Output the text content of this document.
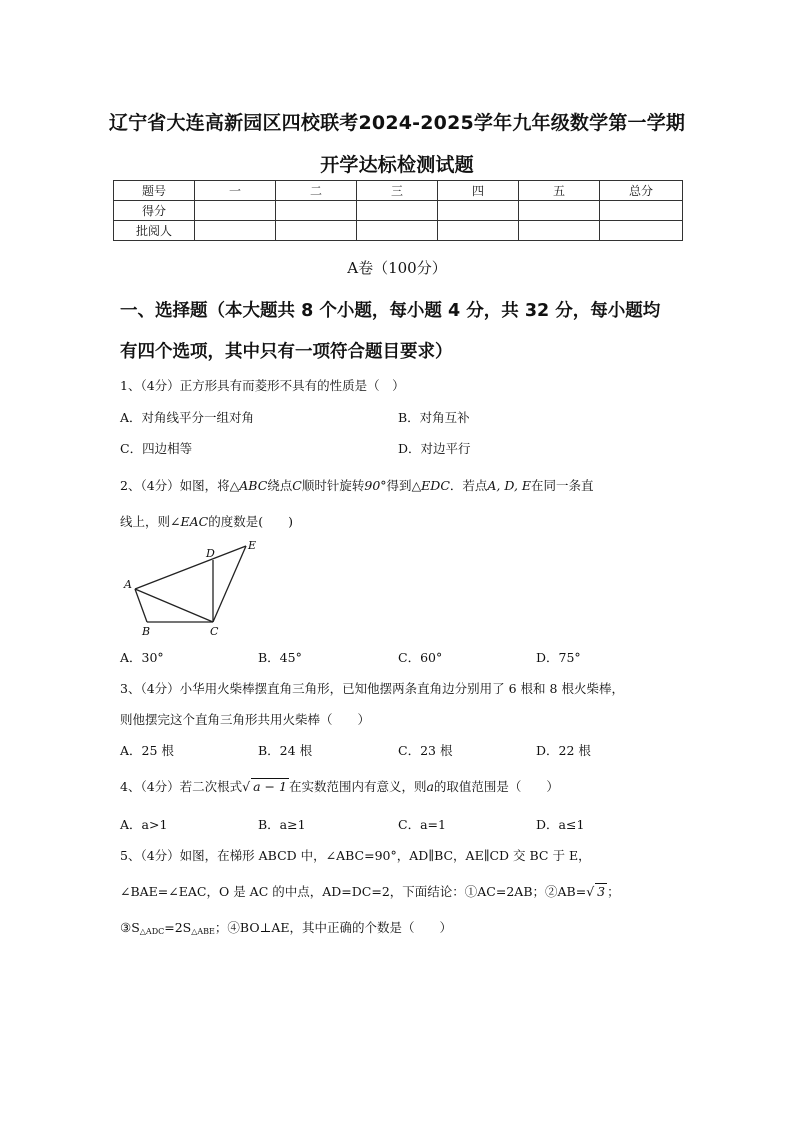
辽宁省大连高新园区四校联考2024-2025学年九年级数学第一学期
开学达标检测试题
题号	一	二	三	四	五	总分
得分						
批阅人						
A卷（100分）
一、选择题（本大题共 8 个小题，每小题 4 分，共 32 分，每小题均
有四个选项，其中只有一项符合题目要求）
1、（4分）正方形具有而菱形不具有的性质是（　）
A．对角线平分一组对角	B．对角互补
C．四边相等	D．对边平行
2、（4分）如图，将△ABC绕点C顺时针旋转90°得到△EDC．若点A, D, E在同一条直
线上，则∠EAC的度数是(　　)
A
B	C
D
E
A．30°	B．45°	C．60°	D．75°
3、（4分）小华用火柴棒摆直角三角形，已知他摆两条直角边分别用了 6 根和 8 根火柴棒，
则他摆完这个直角三角形共用火柴棒（　　）
A．25 根	B．24 根	C．23 根	D．22 根
4、（4分）若二次根式√ a − 1 在实数范围内有意义，则a的取值范围是（　　）
A．a>1	B．a≥1	C．a=1	D．a≤1
5、（4分）如图，在梯形 ABCD 中，∠ABC=90°，AD∥BC，AE∥CD 交 BC 于 E，
∠BAE=∠EAC，O 是 AC 的中点，AD=DC=2，下面结论：①AC=2AB；②AB=√ 3 ；
$③S_{\triangle ADC}=2S_{\triangle ABE}$；④BO⊥AE，其中正确的个数是（　　）
